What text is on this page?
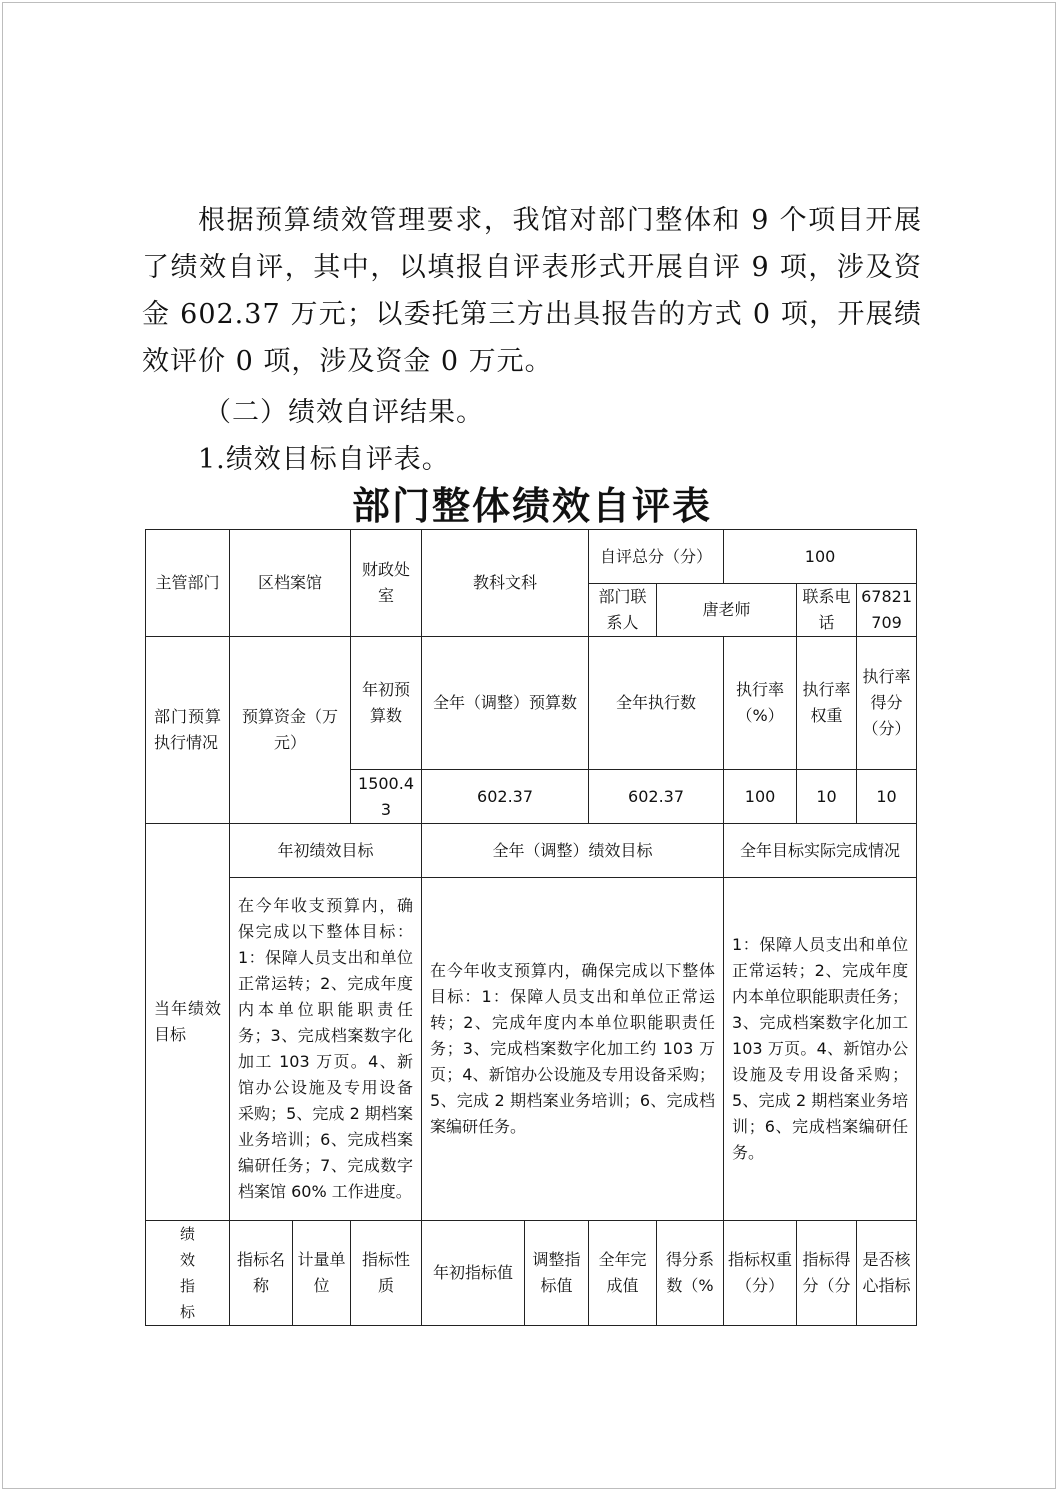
根据预算绩效管理要求，我馆对部门整体和 9 个项目开展了绩效自评，其中，以填报自评表形式开展自评 9 项，涉及资金 602.37 万元；以委托第三方出具报告的方式 0 项，开展绩效评价 0 项，涉及资金 0 万元。

（二）绩效自评结果。

1.绩效目标自评表。

部门整体绩效自评表
主管部门	区档案馆		财政处室	教科文科		自评总分（分）		100		
						部门联系人	唐老师		联系电话	67821709
部门预算执行情况	预算资金（万元）		年初预算数	全年（调整）预算数		全年执行数		执行率（%）	执行率权重	执行率得分（分）
			1500.43	602.37		602.37		100	10	10
当年绩效目标	年初绩效目标			全年（调整）绩效目标				全年目标实际完成情况		
	在今年收支预算内，确保完成以下整体目标：1：保障人员支出和单位正常运转；2、完成年度内本单位职能职责任务；3、完成档案数字化加工 103 万页。4、新馆办公设施及专用设备采购；5、完成 2 期档案业务培训；6、完成档案编研任务；7、完成数字档案馆 60% 工作进度。			在今年收支预算内，确保完成以下整体目标：1：保障人员支出和单位正常运转；2、完成年度内本单位职能职责任务；3、完成档案数字化加工约 103 万页；4、新馆办公设施及专用设备采购；5、完成 2 期档案业务培训；6、完成档案编研任务。				1：保障人员支出和单位正常运转；2、完成年度内本单位职能职责任务；3、完成档案数字化加工 103 万页。4、新馆办公设施及专用设备采购；5、完成 2 期档案业务培训；6、完成档案编研任务。		
绩效指标	指标名称	计量单位	指标性质	年初指标值	调整指标值	全年完成值	得分系数（%	指标权重（分）	指标得分（分	是否核心指标
